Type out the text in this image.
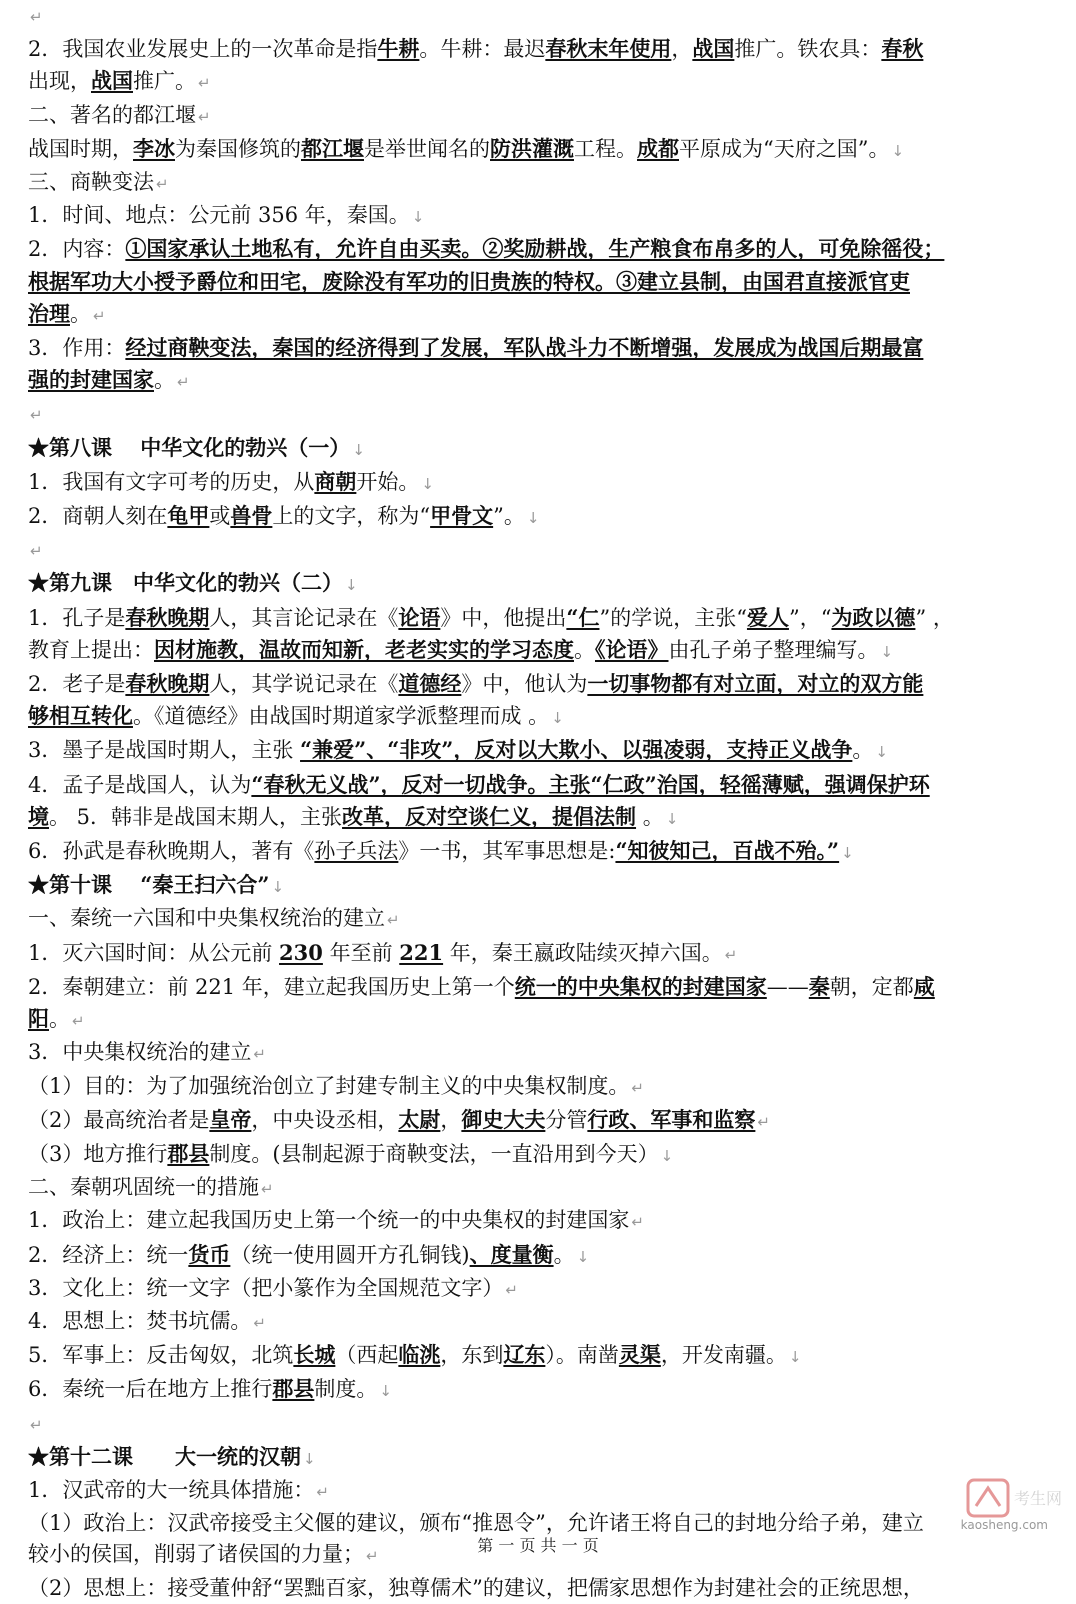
↵
2．我国农业发展史上的一次革命是指牛耕。牛耕：最迟春秋末年使用，战国推广。铁农具：春秋
出现，战国推广。 ↵
二、著名的都江堰 ↵
战国时期，李冰为秦国修筑的都江堰是举世闻名的防洪灌溉工程。成都平原成为“天府之国”。 ↓
三、商鞅变法 ↵
1．时间、地点：公元前 356 年，秦国。 ↓
2．内容：①国家承认土地私有，允许自由买卖。②奖励耕战，生产粮食布帛多的人，可免除徭役；
根据军功大小授予爵位和田宅，废除没有军功的旧贵族的特权。③建立县制，由国君直接派官吏
治理。 ↵
3．作用：经过商鞅变法，秦国的经济得到了发展，军队战斗力不断增强，发展成为战国后期最富
强的封建国家。 ↵
↵
★第八课　 中华文化的勃兴（一） ↓
1．我国有文字可考的历史，从商朝开始。 ↓
2．商朝人刻在龟甲或兽骨上的文字，称为“甲骨文”。 ↓
↵
★第九课　中华文化的勃兴（二） ↓
1．孔子是春秋晚期人，其言论记录在《论语》中，他提出“仁”的学说，主张“爱人”，“为政以德” ，
教育上提出：因材施教，温故而知新，老老实实的学习态度。《论语》由孔子弟子整理编写。 ↓
2．老子是春秋晚期人，其学说记录在《道德经》中，他认为一切事物都有对立面，对立的双方能
够相互转化。《道德经》由战国时期道家学派整理而成 。 ↓
3．墨子是战国时期人，主张 “兼爱”、“非攻”，反对以大欺小、以强凌弱，支持正义战争。 ↓
4．孟子是战国人，认为“春秋无义战”，反对一切战争。主张“仁政”治国，轻徭薄赋，强调保护环
境。 5．韩非是战国末期人，主张改革，反对空谈仁义，提倡法制 。 ↓
6．孙武是春秋晚期人，著有《孙子兵法》一书，其军事思想是:“知彼知己，百战不殆。” ↓
★第十课　 “秦王扫六合” ↓
一、秦统一六国和中央集权统治的建立 ↵
1．灭六国时间：从公元前 230 年至前 221 年，秦王嬴政陆续灭掉六国。 ↵
2．秦朝建立：前 221 年，建立起我国历史上第一个统一的中央集权的封建国家——秦朝，定都咸
阳。 ↵
3．中央集权统治的建立 ↵
（1）目的：为了加强统治创立了封建专制主义的中央集权制度。 ↵
（2）最高统治者是皇帝，中央设丞相，太尉，御史大夫分管行政、军事和监察 ↵
（3）地方推行郡县制度。(县制起源于商鞅变法，一直沿用到今天） ↓
二、秦朝巩固统一的措施 ↵
1．政治上：建立起我国历史上第一个统一的中央集权的封建国家 ↵
2．经济上：统一货币（统一使用圆开方孔铜钱)、度量衡。 ↓
3．文化上：统一文字（把小篆作为全国规范文字） ↵
4．思想上：焚书坑儒。 ↵
5．军事上：反击匈奴，北筑长城（西起临洮，东到辽东）。南凿灵渠，开发南疆。 ↓
6．秦统一后在地方上推行郡县制度。 ↓
↵
★第十二课　　大一统的汉朝 ↓
1．汉武帝的大一统具体措施： ↵
（1）政治上：汉武帝接受主父偃的建议，颁布“推恩令”，允许诸王将自己的封地分给子弟，建立
较小的侯国，削弱了诸侯国的力量； ↵
（2）思想上：接受董仲舒“罢黜百家，独尊儒术”的建议，把儒家思想作为封建社会的正统思想，
考生网
kaosheng.com
第 一 页 共 一 页
